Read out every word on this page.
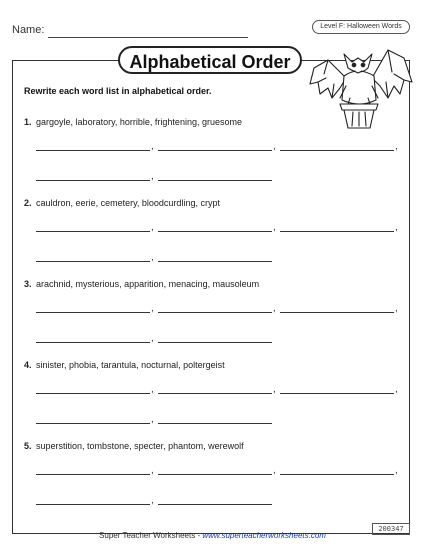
Name:	Level F: Halloween Words
Alphabetical Order
Rewrite each word list in alphabetical order.
1. gargoyle, laboratory, horrible, frightening, gruesome
2. cauldron, eerie, cemetery, bloodcurdling, crypt
3. arachnid, mysterious, apparition, menacing, mausoleum
4. sinister, phobia, tarantula, nocturnal, poltergeist
5. superstition, tombstone, specter, phantom, werewolf
,	,	,
,
,	,	,
,
,	,	,
,
,	,	,
,
,	,	,
,
200347
Super Teacher Worksheets - www.superteacherworksheets.com
